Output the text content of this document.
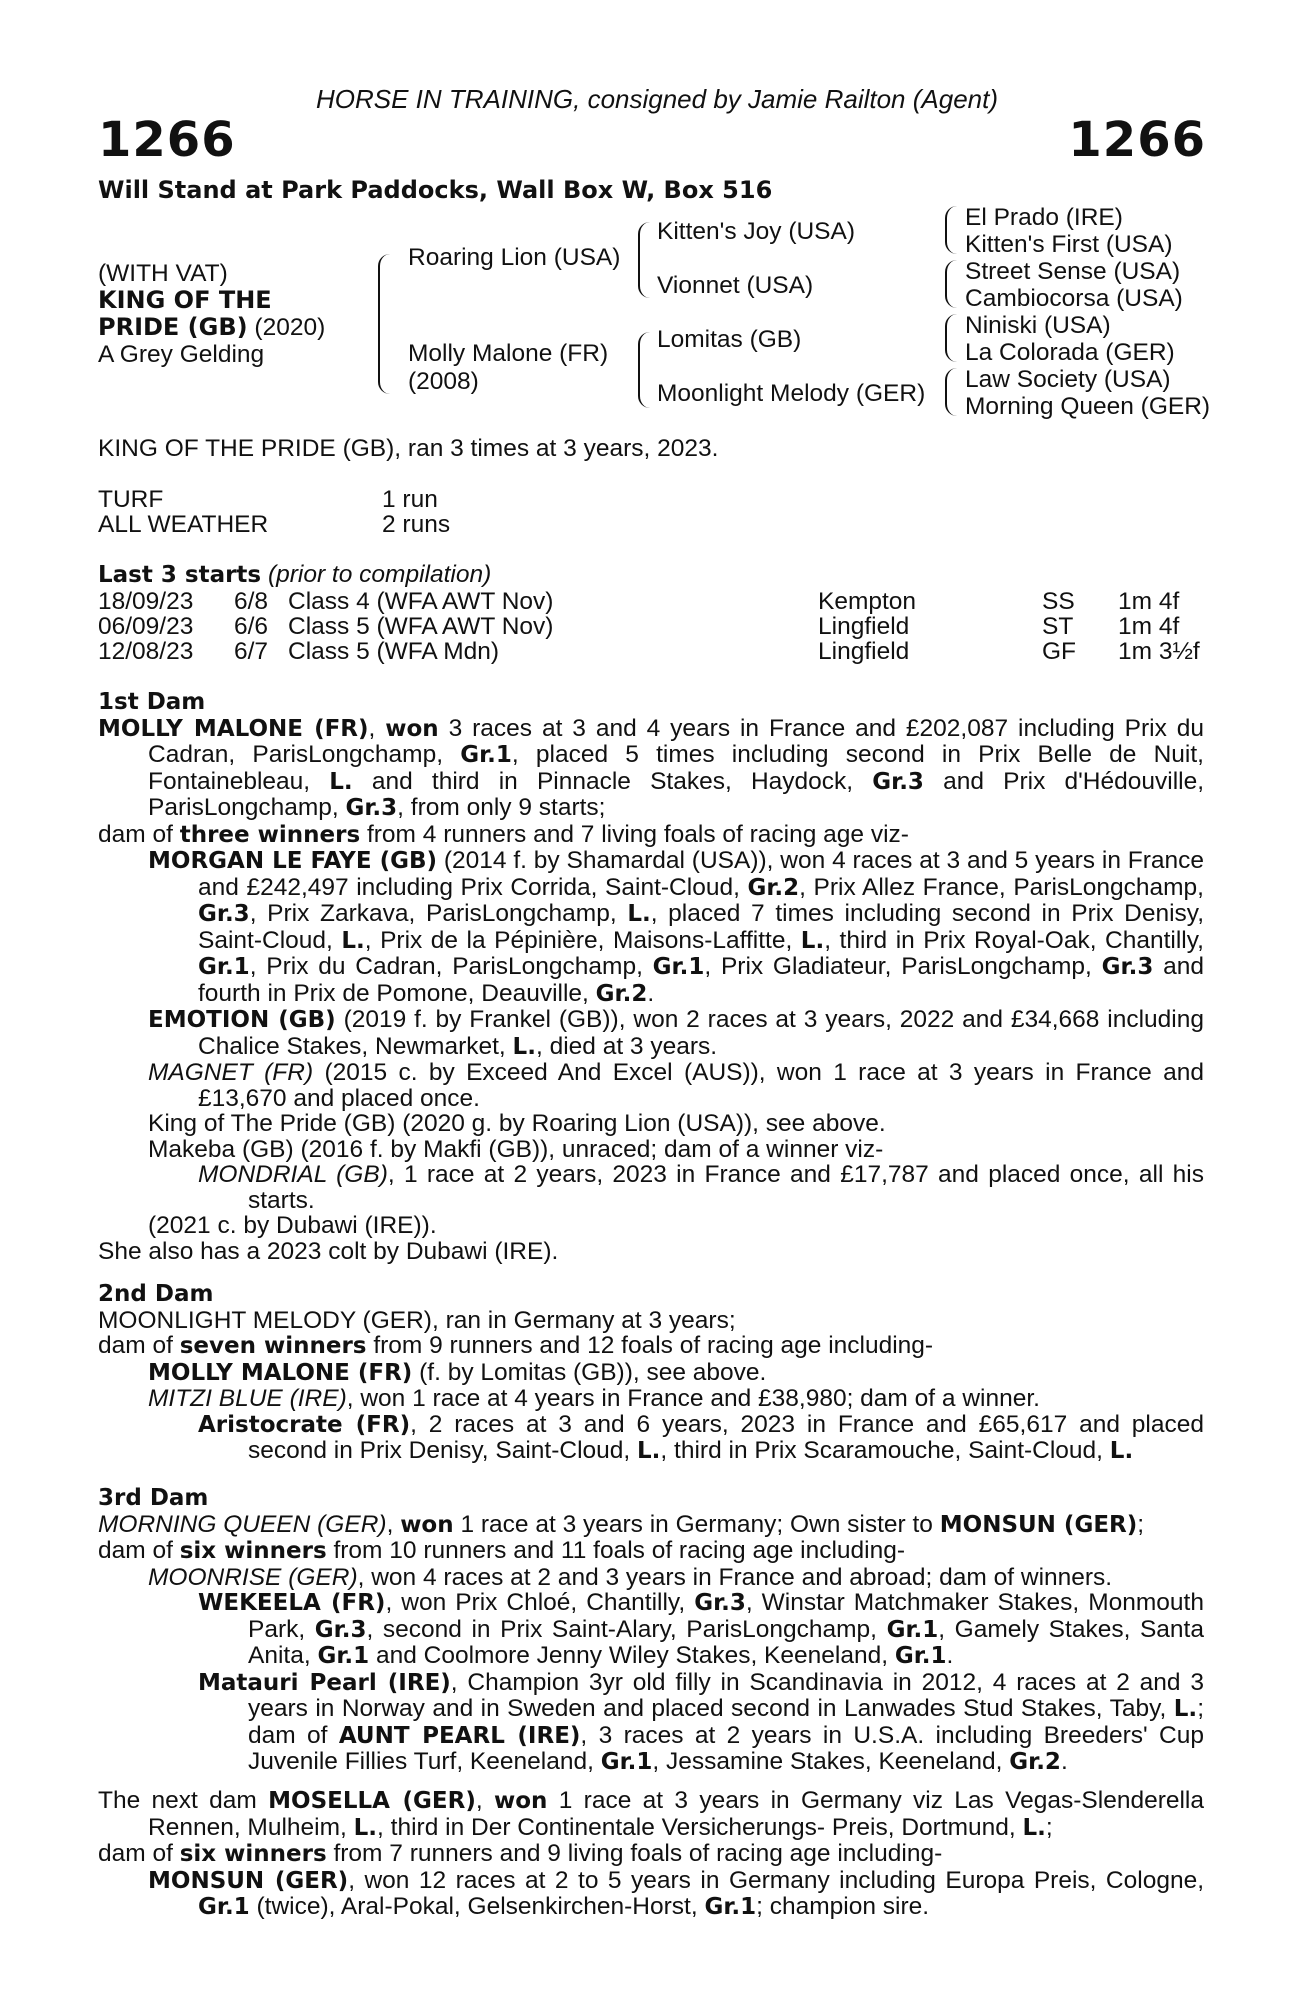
HORSE IN TRAINING, consigned by Jamie Railton (Agent)
1266	1266
Will Stand at Park Paddocks, Wall Box W, Box 516
(WITH VAT)
KING OF THE
PRIDE (GB) (2020)
A Grey Gelding
Roaring Lion (USA)
Molly Malone (FR)
(2008)
Kitten's Joy (USA)
Vionnet (USA)
Lomitas (GB)
Moonlight Melody (GER)
El Prado (IRE)
Kitten's First (USA)
Street Sense (USA)
Cambiocorsa (USA)
Niniski (USA)
La Colorada (GER)
Law Society (USA)
Morning Queen (GER)
KING OF THE PRIDE (GB), ran 3 times at 3 years, 2023.
TURF	1 run
ALL WEATHER	2 runs
Last 3 starts (prior to compilation)
18/09/23 6/8 Class 4 (WFA AWT Nov)	Kempton	SS 1m 4f
06/09/23 6/6 Class 5 (WFA AWT Nov)	Lingfield	ST 1m 4f
12/08/23 6/7 Class 5 (WFA Mdn)	Lingfield	GF 1m 3½f
1st Dam

MOLLY MALONE (FR), won 3 races at 3 and 4 years in France and £202,087 including Prix du Cadran, ParisLongchamp, Gr.1, placed 5 times including second in Prix Belle de Nuit, Fontainebleau, L. and third in Pinnacle Stakes, Haydock, Gr.3 and Prix d'Hédouville, ParisLongchamp, Gr.3, from only 9 starts;

dam of three winners from 4 runners and 7 living foals of racing age viz-

MORGAN LE FAYE (GB) (2014 f. by Shamardal (USA)), won 4 races at 3 and 5 years in France and £242,497 including Prix Corrida, Saint-Cloud, Gr.2, Prix Allez France, ParisLongchamp, Gr.3, Prix Zarkava, ParisLongchamp, L., placed 7 times including second in Prix Denisy, Saint-Cloud, L., Prix de la Pépinière, Maisons-Laffitte, L., third in Prix Royal-Oak, Chantilly, Gr.1, Prix du Cadran, ParisLongchamp, Gr.1, Prix Gladiateur, ParisLongchamp, Gr.3 and fourth in Prix de Pomone, Deauville, Gr.2.

EMOTION (GB) (2019 f. by Frankel (GB)), won 2 races at 3 years, 2022 and £34,668 including Chalice Stakes, Newmarket, L., died at 3 years.

MAGNET (FR) (2015 c. by Exceed And Excel (AUS)), won 1 race at 3 years in France and £13,670 and placed once.

King of The Pride (GB) (2020 g. by Roaring Lion (USA)), see above.

Makeba (GB) (2016 f. by Makfi (GB)), unraced; dam of a winner viz-

MONDRIAL (GB), 1 race at 2 years, 2023 in France and £17,787 and placed once, all his starts.

(2021 c. by Dubawi (IRE)).

She also has a 2023 colt by Dubawi (IRE).

2nd Dam

MOONLIGHT MELODY (GER), ran in Germany at 3 years;

dam of seven winners from 9 runners and 12 foals of racing age including-

MOLLY MALONE (FR) (f. by Lomitas (GB)), see above.

MITZI BLUE (IRE), won 1 race at 4 years in France and £38,980; dam of a winner.

Aristocrate (FR), 2 races at 3 and 6 years, 2023 in France and £65,617 and placed second in Prix Denisy, Saint-Cloud, L., third in Prix Scaramouche, Saint-Cloud, L.

3rd Dam

MORNING QUEEN (GER), won 1 race at 3 years in Germany; Own sister to MONSUN (GER);

dam of six winners from 10 runners and 11 foals of racing age including-

MOONRISE (GER), won 4 races at 2 and 3 years in France and abroad; dam of winners.

WEKEELA (FR), won Prix Chloé, Chantilly, Gr.3, Winstar Matchmaker Stakes, Monmouth Park, Gr.3, second in Prix Saint-Alary, ParisLongchamp, Gr.1, Gamely Stakes, Santa Anita, Gr.1 and Coolmore Jenny Wiley Stakes, Keeneland, Gr.1.

Matauri Pearl (IRE), Champion 3yr old filly in Scandinavia in 2012, 4 races at 2 and 3 years in Norway and in Sweden and placed second in Lanwades Stud Stakes, Taby, L.; dam of AUNT PEARL (IRE), 3 races at 2 years in U.S.A. including Breeders' Cup Juvenile Fillies Turf, Keeneland, Gr.1, Jessamine Stakes, Keeneland, Gr.2.

The next dam MOSELLA (GER), won 1 race at 3 years in Germany viz Las Vegas-Slenderella Rennen, Mulheim, L., third in Der Continentale Versicherungs- Preis, Dortmund, L.;

dam of six winners from 7 runners and 9 living foals of racing age including-

MONSUN (GER), won 12 races at 2 to 5 years in Germany including Europa Preis, Cologne, Gr.1 (twice), Aral-Pokal, Gelsenkirchen-Horst, Gr.1; champion sire.
